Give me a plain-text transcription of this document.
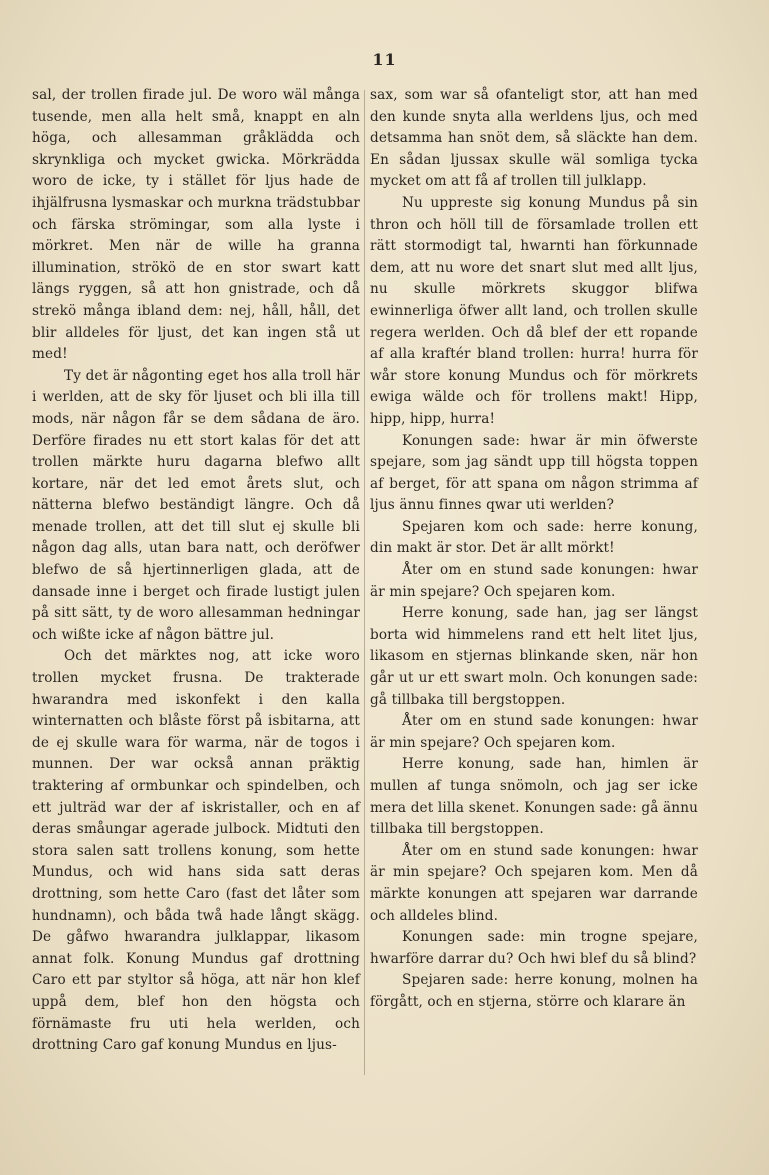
11

sal, der trollen firade jul. De woro wäl många tusende, men alla helt små, knappt en aln höga, och allesamman gråklädda och skrynkliga och mycket gwicka. Mörkrädda woro de icke, ty i stället för ljus hade de ihjälfrusna lysmaskar och murkna trädstubbar och färska strömingar, som alla lyste i mörkret. Men när de wille ha granna illumination, strökö de en stor swart katt längs ryggen, så att hon gnistrade, och då strekö många ibland dem: nej, håll, håll, det blir alldeles för ljust, det kan ingen stå ut med!

Ty det är någonting eget hos alla troll här i werlden, att de sky för ljuset och bli illa till mods, när någon får se dem sådana de äro. Derföre firades nu ett stort kalas för det att trollen märkte huru dagarna blefwo allt kortare, när det led emot årets slut, och nätterna blefwo beständigt längre. Och då menade trollen, att det till slut ej skulle bli någon dag alls, utan bara natt, och deröfwer blefwo de så hjertinnerligen glada, att de dansade inne i berget och firade lustigt julen på sitt sätt, ty de woro allesamman hedningar och wißte icke af någon bättre jul.

Och det märktes nog, att icke woro trollen mycket frusna. De trakterade hwarandra med iskonfekt i den kalla winternatten och blåste först på isbitarna, att de ej skulle wara för warma, när de togos i munnen. Der war också annan präktig traktering af ormbunkar och spindelben, och ett julträd war der af iskristaller, och en af deras småungar agerade julbock. Midtuti den stora salen satt trollens konung, som hette Mundus, och wid hans sida satt deras drottning, som hette Caro (fast det låter som hundnamn), och båda twå hade långt skägg. De gåfwo hwarandra julklappar, likasom annat folk. Konung Mundus gaf drottning Caro ett par styltor så höga, att när hon klef uppå dem, blef hon den högsta och förnämaste fru uti hela werlden, och drottning Caro gaf konung Mundus en ljus-

sax, som war så ofanteligt stor, att han med den kunde snyta alla werldens ljus, och med detsamma han snöt dem, så släckte han dem. En sådan ljussax skulle wäl somliga tycka mycket om att få af trollen till julklapp.

Nu uppreste sig konung Mundus på sin thron och höll till de församlade trollen ett rätt stormodigt tal, hwarnti han förkunnade dem, att nu wore det snart slut med allt ljus, nu skulle mörkrets skuggor blifwa ewinnerliga öfwer allt land, och trollen skulle regera werlden. Och då blef der ett ropande af alla kraftér bland trollen: hurra! hurra för wår store konung Mundus och för mörkrets ewiga wälde och för trollens makt! Hipp, hipp, hipp, hurra!

Konungen sade: hwar är min öfwerste spejare, som jag sändt upp till högsta toppen af berget, för att spana om någon strimma af ljus ännu finnes qwar uti werlden?

Spejaren kom och sade: herre konung, din makt är stor. Det är allt mörkt!

Åter om en stund sade konungen: hwar är min spejare? Och spejaren kom.

Herre konung, sade han, jag ser längst borta wid himmelens rand ett helt litet ljus, likasom en stjernas blinkande sken, när hon går ut ur ett swart moln. Och konungen sade: gå tillbaka till bergstoppen.

Åter om en stund sade konungen: hwar är min spejare? Och spejaren kom.

Herre konung, sade han, himlen är mullen af tunga snömoln, och jag ser icke mera det lilla skenet. Konungen sade: gå ännu tillbaka till bergstoppen.

Åter om en stund sade konungen: hwar är min spejare? Och spejaren kom. Men då märkte konungen att spejaren war darrande och alldeles blind.

Konungen sade: min trogne spejare, hwarföre darrar du? Och hwi blef du så blind?

Spejaren sade: herre konung, molnen ha förgått, och en stjerna, större och klarare än
